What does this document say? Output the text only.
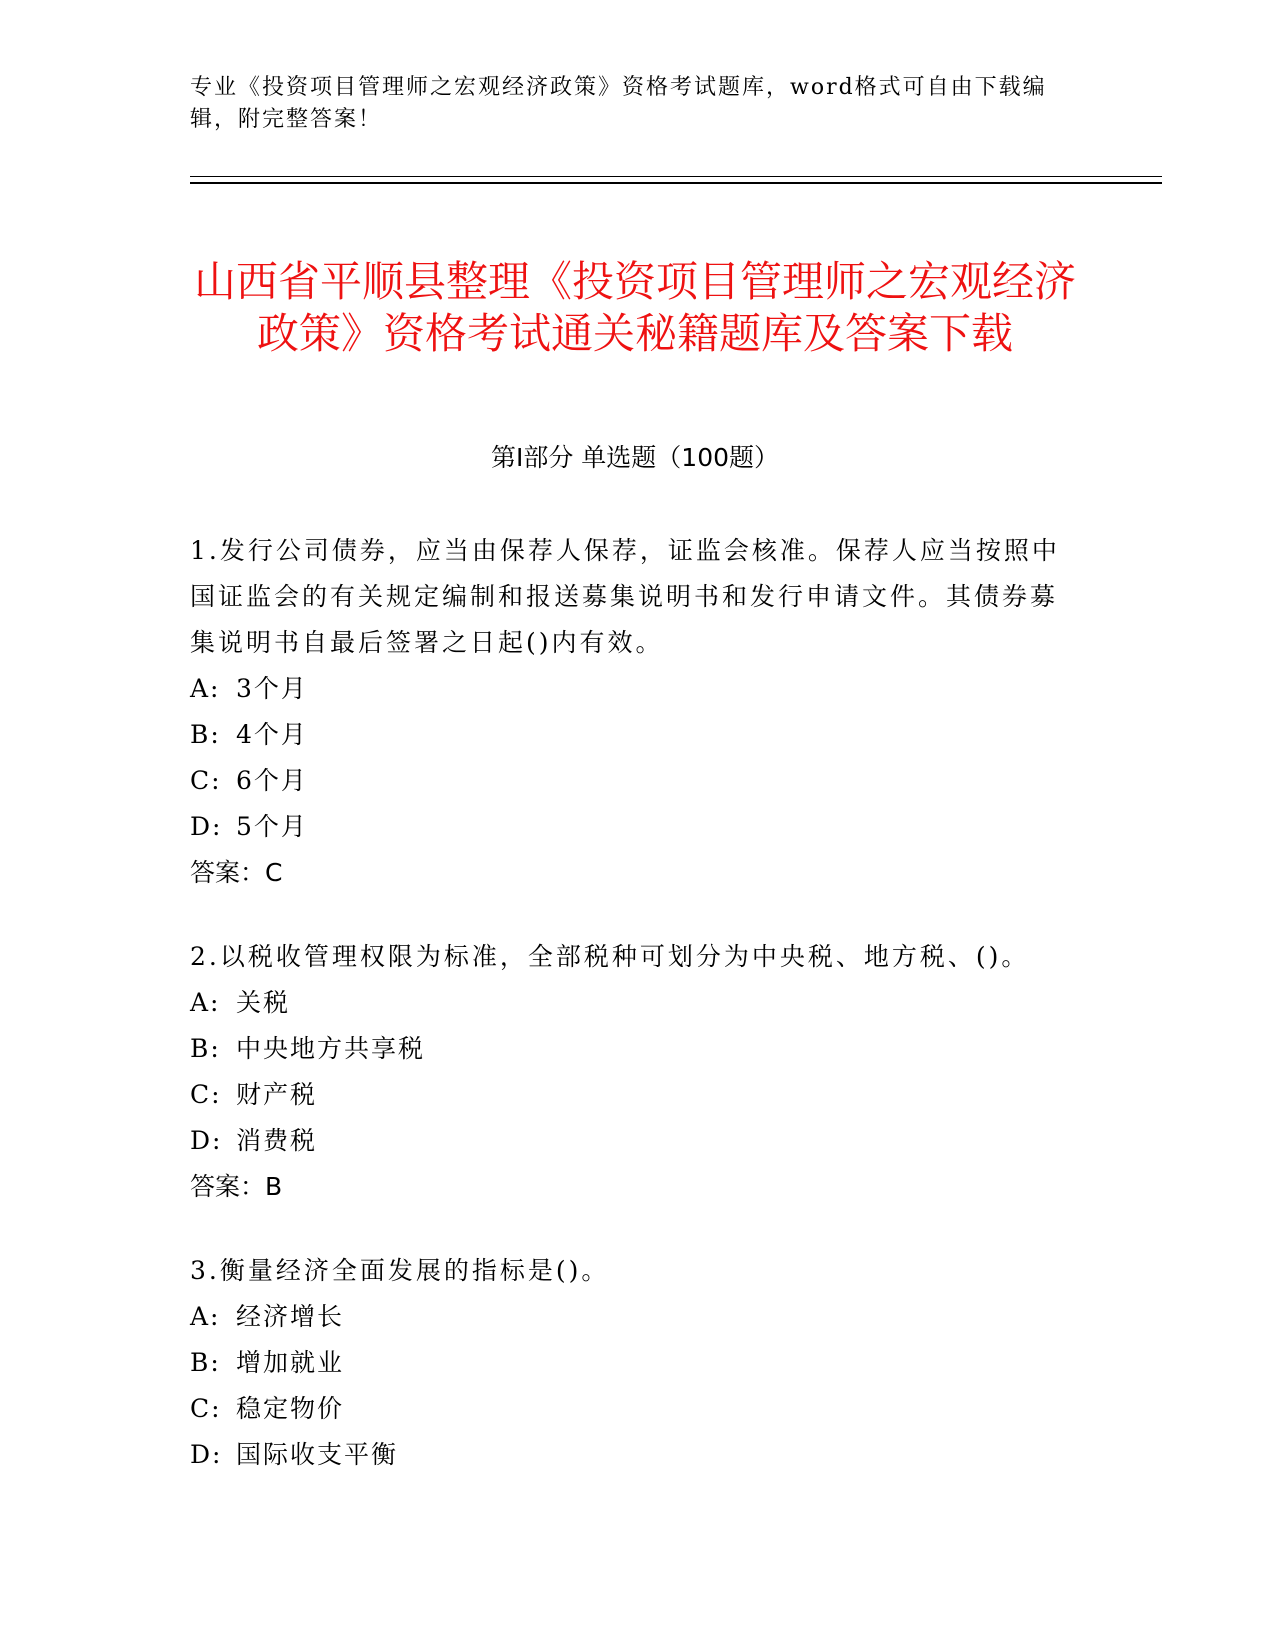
专业《投资项目管理师之宏观经济政策》资格考试题库，word格式可自由下载编辑，附完整答案！
山西省平顺县整理《投资项目管理师之宏观经济政策》资格考试通关秘籍题库及答案下载
第I部分 单选题（100题）
1.发行公司债券，应当由保荐人保荐，证监会核准。保荐人应当按照中国证监会的有关规定编制和报送募集说明书和发行申请文件。其债券募集说明书自最后签署之日起()内有效。
A: 3个月
B: 4个月
C: 6个月
D: 5个月
答案：C
2.以税收管理权限为标准，全部税种可划分为中央税、地方税、()。
A: 关税
B: 中央地方共享税
C: 财产税
D: 消费税
答案：B
3.衡量经济全面发展的指标是()。
A: 经济增长
B: 增加就业
C: 稳定物价
D: 国际收支平衡
